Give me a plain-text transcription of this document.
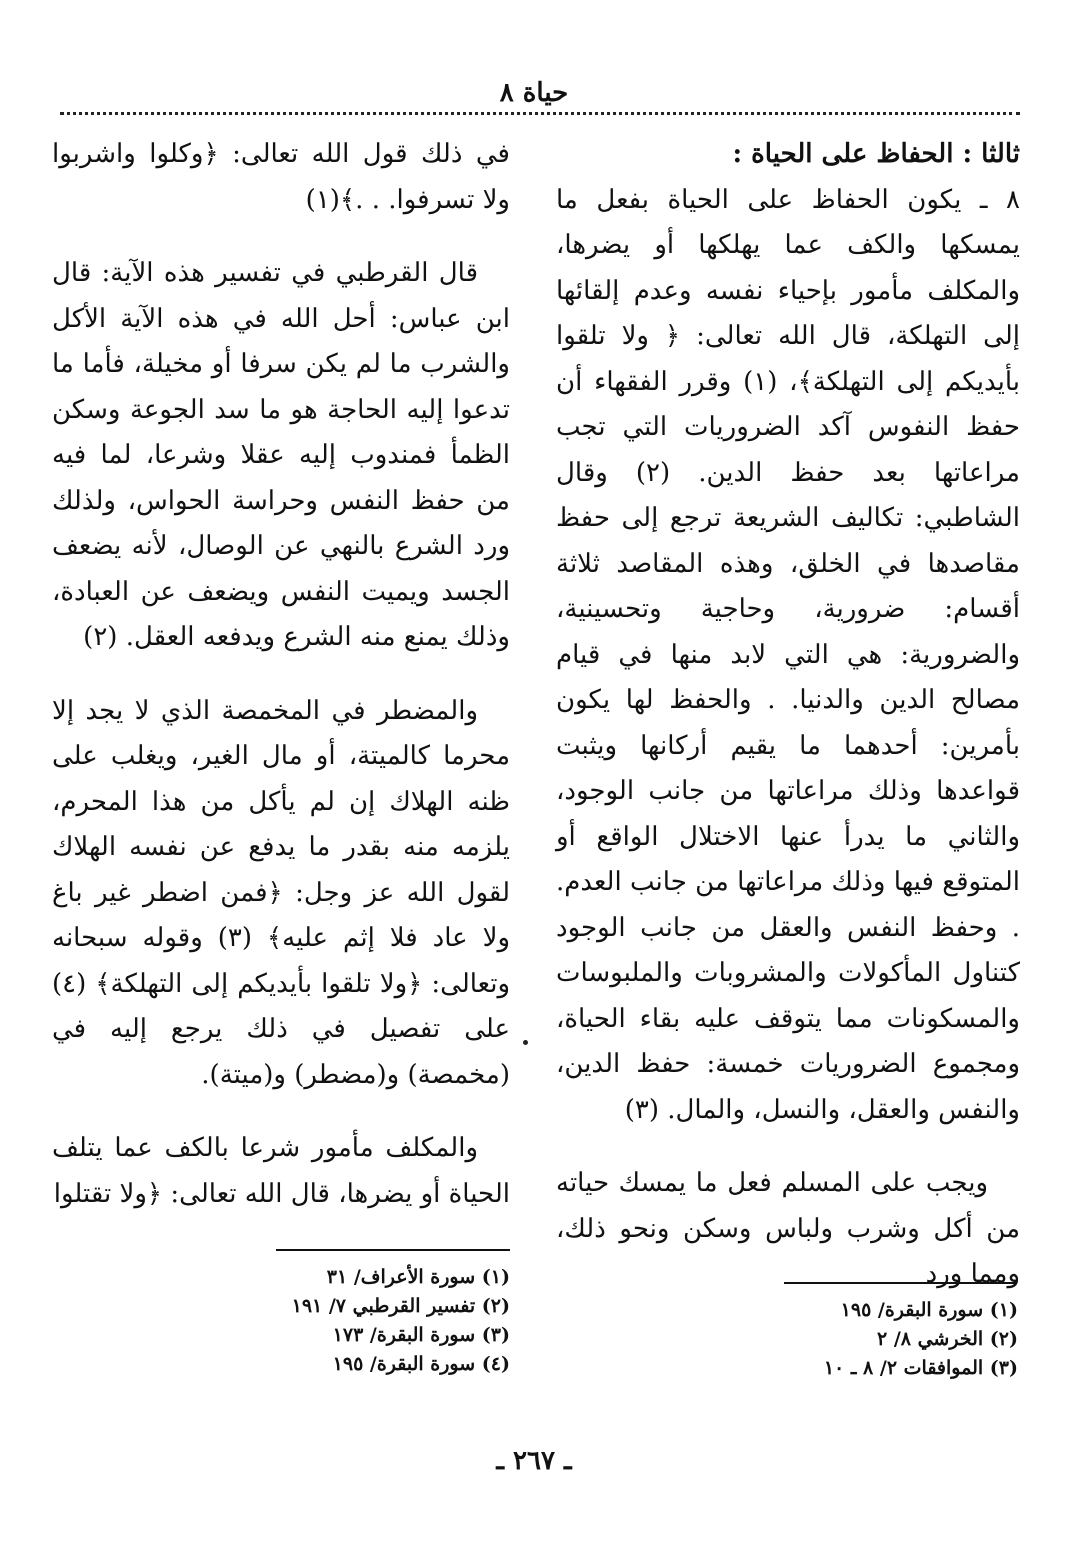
حياة ٨

ثالثا : الحفاظ على الحياة :

٨ ـ يكون الحفاظ على الحياة بفعل ما يمسكها والكف عما يهلكها أو يضرها، والمكلف مأمور بإحياء نفسه وعدم إلقائها إلى التهلكة، قال الله تعالى: ﴿ ولا تلقوا بأيديكم إلى التهلكة﴾، (١) وقرر الفقهاء أن حفظ النفوس آكد الضروريات التي تجب مراعاتها بعد حفظ الدين. (٢) وقال الشاطبي: تكاليف الشريعة ترجع إلى حفظ مقاصدها في الخلق، وهذه المقاصد ثلاثة أقسام: ضرورية، وحاجية وتحسينية، والضرورية: هي التي لابد منها في قيام مصالح الدين والدنيا. . والحفظ لها يكون بأمرين: أحدهما ما يقيم أركانها ويثبت قواعدها وذلك مراعاتها من جانب الوجود، والثاني ما يدرأ عنها الاختلال الواقع أو المتوقع فيها وذلك مراعاتها من جانب العدم. . وحفظ النفس والعقل من جانب الوجود كتناول المأكولات والمشروبات والملبوسات والمسكونات مما يتوقف عليه بقاء الحياة، ومجموع الضروريات خمسة: حفظ الدين، والنفس والعقل، والنسل، والمال. (٣)

ويجب على المسلم فعل ما يمسك حياته من أكل وشرب ولباس وسكن ونحو ذلك، ومما ورد

في ذلك قول الله تعالى: ﴿وكلوا واشربوا ولا تسرفوا. . .﴾(١)

قال القرطبي في تفسير هذه الآية: قال ابن عباس: أحل الله في هذه الآية الأكل والشرب ما لم يكن سرفا أو مخيلة، فأما ما تدعوا إليه الحاجة هو ما سد الجوعة وسكن الظمأ فمندوب إليه عقلا وشرعا، لما فيه من حفظ النفس وحراسة الحواس، ولذلك ورد الشرع بالنهي عن الوصال، لأنه يضعف الجسد ويميت النفس ويضعف عن العبادة، وذلك يمنع منه الشرع ويدفعه العقل. (٢)

والمضطر في المخمصة الذي لا يجد إلا محرما كالميتة، أو مال الغير، ويغلب على ظنه الهلاك إن لم يأكل من هذا المحرم، يلزمه منه بقدر ما يدفع عن نفسه الهلاك لقول الله عز وجل: ﴿فمن اضطر غير باغ ولا عاد فلا إثم عليه﴾ (٣) وقوله سبحانه وتعالى: ﴿ولا تلقوا بأيديكم إلى التهلكة﴾ (٤) على تفصيل في ذلك يرجع إليه في (مخمصة) و(مضطر) و(ميتة).

والمكلف مأمور شرعا بالكف عما يتلف الحياة أو يضرها، قال الله تعالى: ﴿ولا تقتلوا

(١) سورة البقرة/ ١٩٥

(٢) الخرشي ٨/ ٢

(٣) الموافقات ٢/ ٨ ـ ١٠

(١) سورة الأعراف/ ٣١

(٢) تفسير القرطبي ٧/ ١٩١

(٣) سورة البقرة/ ١٧٣

(٤) سورة البقرة/ ١٩٥

ـ ٢٦٧ ـ
